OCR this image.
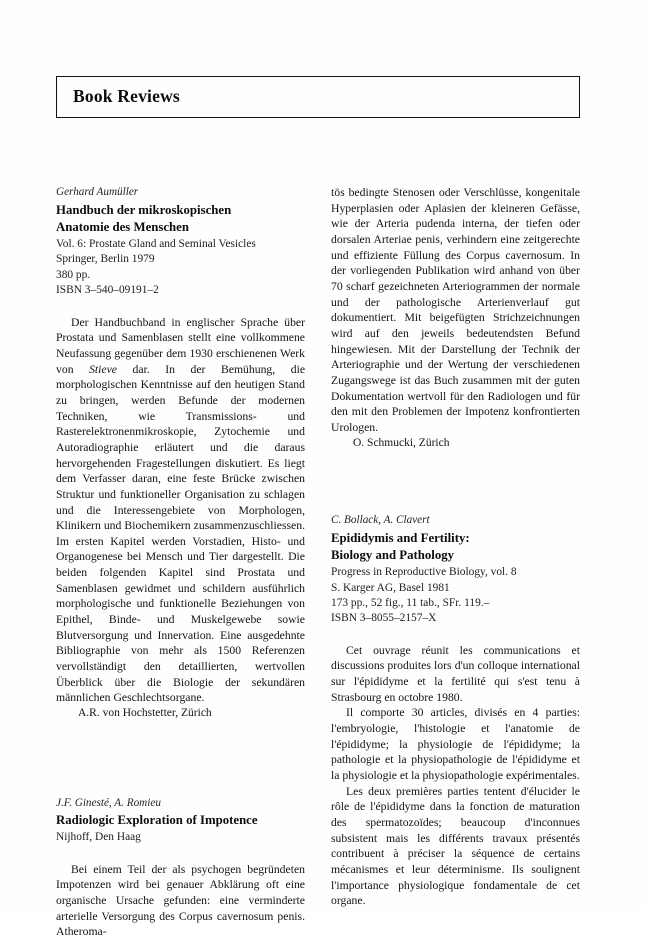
Book Reviews
Gerhard Aumüller
Handbuch der mikroskopischen
Anatomie des Menschen
Vol. 6: Prostate Gland and Seminal Vesicles
Springer, Berlin 1979
380 pp.
ISBN 3–540–09191–2

Der Handbuchband in englischer Sprache über Prostata und Samenblasen stellt eine vollkommene Neufassung gegenüber dem 1930 erschienenen Werk von Stieve dar. In der Bemühung, die morphologischen Kenntnisse auf den heutigen Stand zu bringen, werden Befunde der modernen Techniken, wie Transmissions- und Rasterelektronenmikroskopie, Zytochemie und Autoradiographie erläutert und die daraus hervorgehenden Fragestellungen diskutiert. Es liegt dem Verfasser daran, eine feste Brücke zwischen Struktur und funktioneller Organisation zu schlagen und die Interessengebiete von Morphologen, Klinikern und Biochemikern zusammenzuschliessen. Im ersten Kapitel werden Vorstadien, Histo- und Organogenese bei Mensch und Tier dargestellt. Die beiden folgenden Kapitel sind Prostata und Samenblasen gewidmet und schildern ausführlich morphologische und funktionelle Beziehungen von Epithel, Binde- und Muskelgewebe sowie Blutversorgung und Innervation. Eine ausgedehnte Bibliographie von mehr als 1500 Referenzen vervollständigt den detaillierten, wertvollen Überblick über die Biologie der sekundären männlichen Geschlechtsorgane.

A.R. von Hochstetter, Zürich

J.F. Ginesté, A. Romieu
Radiologic Exploration of Impotence
Nijhoff, Den Haag

Bei einem Teil der als psychogen begründeten Impotenzen wird bei genauer Abklärung oft eine organische Ursache gefunden: eine verminderte arterielle Versorgung des Corpus cavernosum penis. Atheroma-

tös bedingte Stenosen oder Verschlüsse, kongenitale Hyperplasien oder Aplasien der kleineren Gefässe, wie der Arteria pudenda interna, der tiefen oder dorsalen Arteriae penis, verhindern eine zeitgerechte und effiziente Füllung des Corpus cavernosum. In der vorliegenden Publikation wird anhand von über 70 scharf gezeichneten Arteriogrammen der normale und der pathologische Arterienverlauf gut dokumentiert. Mit beigefügten Strichzeichnungen wird auf den jeweils bedeutendsten Befund hingewiesen. Mit der Darstellung der Technik der Arteriographie und der Wertung der verschiedenen Zugangswege ist das Buch zusammen mit der guten Dokumentation wertvoll für den Radiologen und für den mit den Problemen der Impotenz konfrontierten Urologen.

O. Schmucki, Zürich

C. Bollack, A. Clavert
Epididymis and Fertility:
Biology and Pathology
Progress in Reproductive Biology, vol. 8
S. Karger AG, Basel 1981
173 pp., 52 fig., 11 tab., SFr. 119.–
ISBN 3–8055–2157–X

Cet ouvrage réunit les communications et discussions produites lors d'un colloque international sur l'épididyme et la fertilité qui s'est tenu à Strasbourg en octobre 1980.

Il comporte 30 articles, divisés en 4 parties: l'embryologie, l'histologie et l'anatomie de l'épididyme; la physiologie de l'épididyme; la pathologie et la physiopathologie de l'épididyme et la physiologie et la physiopathologie expérimentales.

Les deux premières parties tentent d'élucider le rôle de l'épididyme dans la fonction de maturation des spermatozoïdes; beaucoup d'inconnues subsistent mais les différents travaux présentés contribuent à préciser la séquence de certains mécanismes et leur déterminisme. Ils soulignent l'importance physiologique fondamentale de cet organe.
